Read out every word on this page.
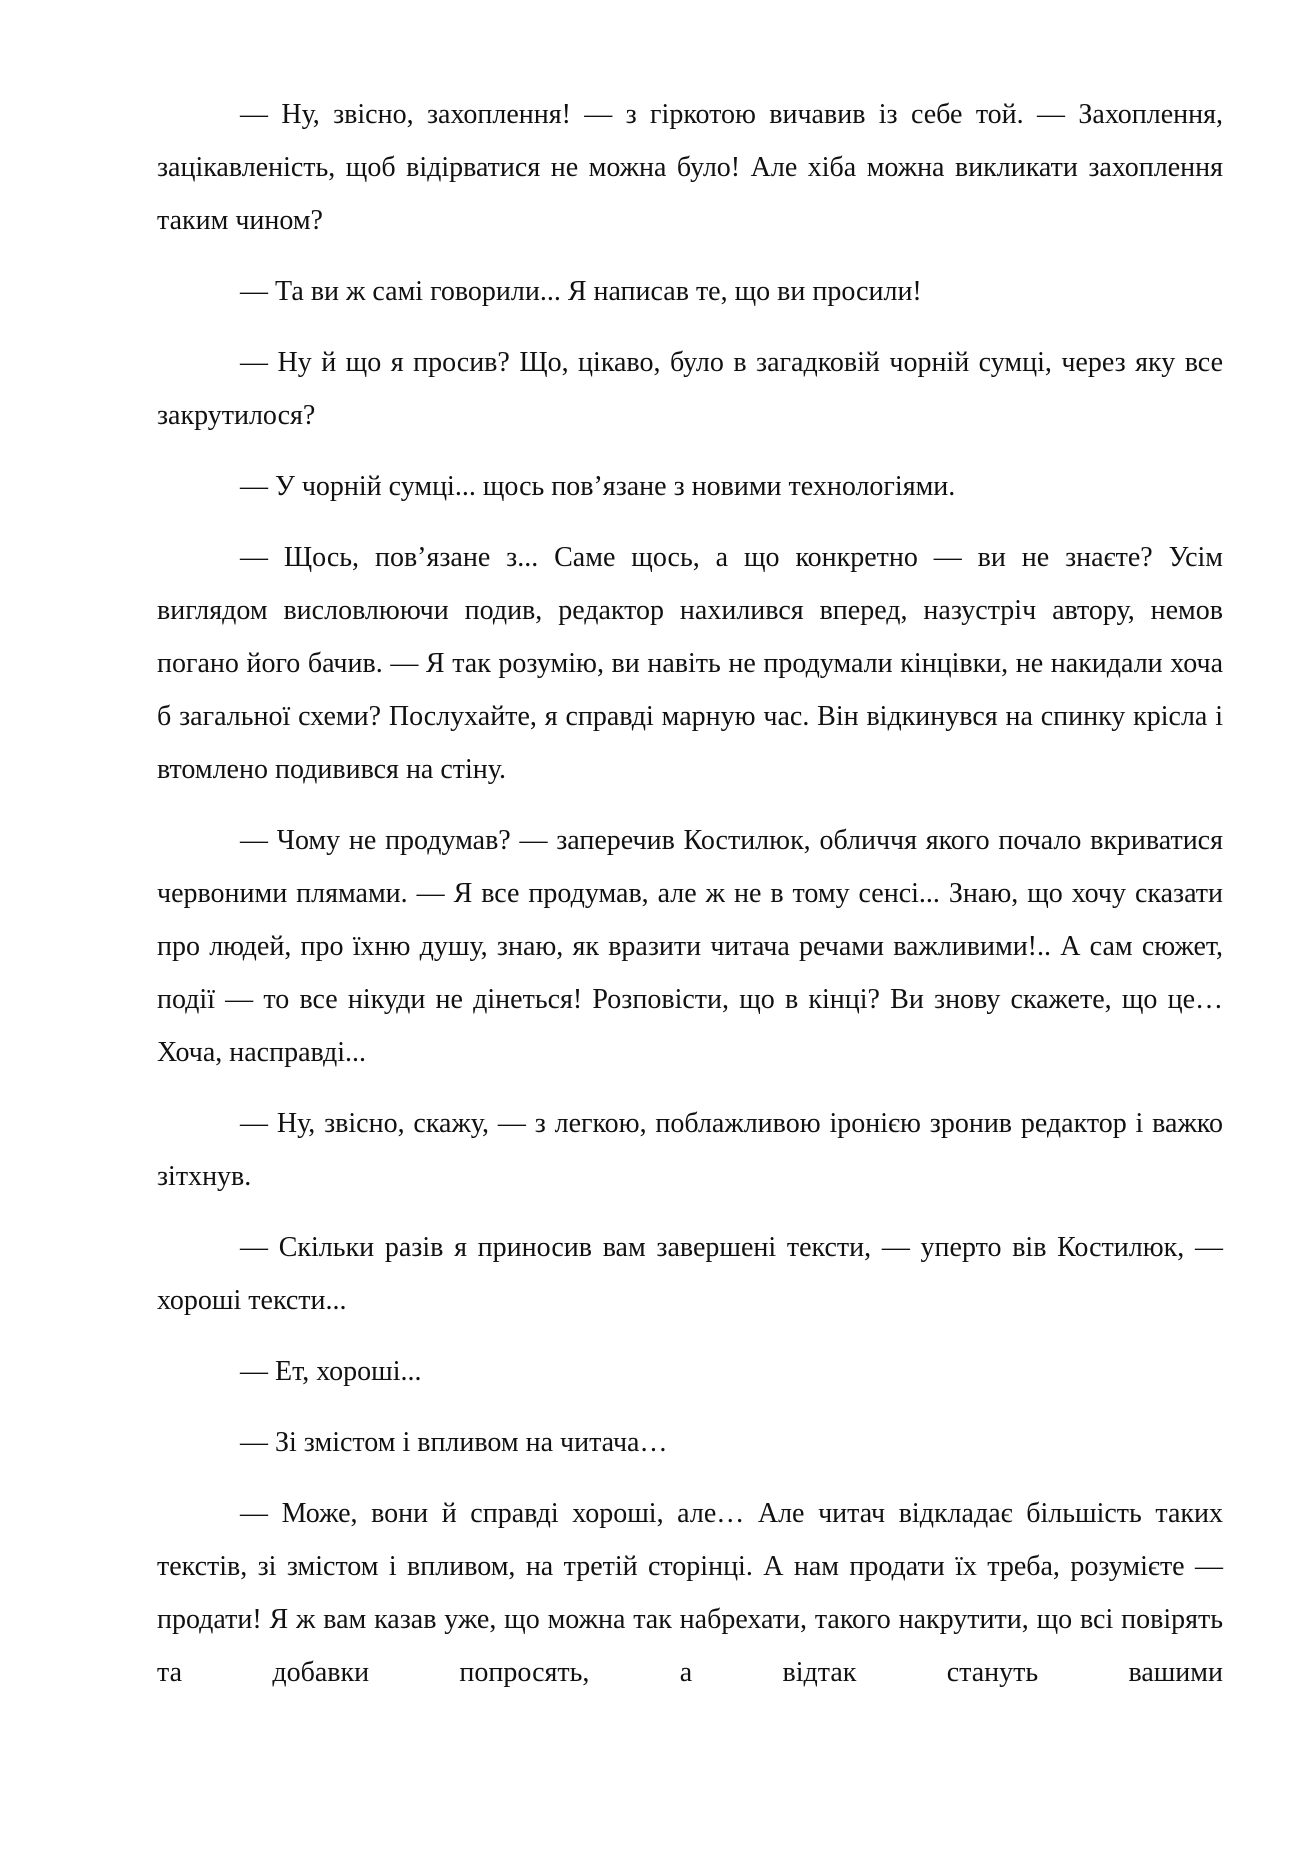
— Ну, звісно, захоплення! — з гіркотою вичавив із себе той. — Захоплення, зацікавленість, щоб відірватися не можна було! Але хіба можна викликати захоплення таким чином?

— Та ви ж самі говорили... Я написав те, що ви просили!

— Ну й що я просив? Що, цікаво, було в загадковій чорній сумці, через яку все закрутилося?

— У чорній сумці... щось пов’язане з новими технологіями.

— Щось, пов’язане з... Саме щось, а що конкретно — ви не знаєте? Усім виглядом висловлюючи подив, редактор нахилився вперед, назустріч автору, немов погано його бачив. — Я так розумію, ви навіть не продумали кінцівки, не накидали хоча б загальної схеми? Послухайте, я справді марную час. Він відкинувся на спинку крісла і втомлено подивився на стіну.

— Чому не продумав? — заперечив Костилюк, обличчя якого почало вкриватися червоними плямами. — Я все продумав, але ж не в тому сенсі... Знаю, що хочу сказати про людей, про їхню душу, знаю, як вразити читача речами важливими!.. А сам сюжет, події — то все нікуди не дінеться! Розповісти, що в кінці? Ви знову скажете, що це… Хоча, насправді...

— Ну, звісно, скажу, — з легкою, поблажливою іронією зронив редактор і важко зітхнув.

— Скільки разів я приносив вам завершені тексти, — уперто вів Костилюк, — хороші тексти...

— Ет, хороші...

— Зі змістом і впливом на читача…

— Може, вони й справді хороші, але… Але читач відкладає більшість таких текстів, зі змістом і впливом, на третій сторінці. А нам продати їх треба, розумієте — продати! Я ж вам казав уже, що можна так набрехати, такого накрутити, що всі повірять та добавки попросять, а відтак стануть вашими
